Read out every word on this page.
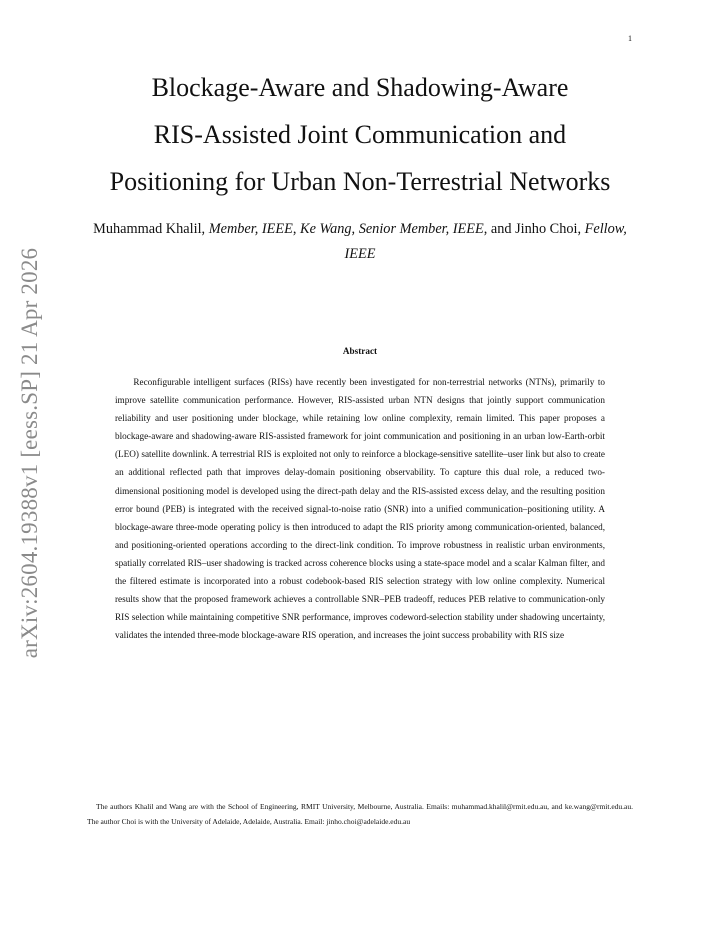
1
arXiv:2604.19388v1 [eess.SP] 21 Apr 2026
Blockage-Aware and Shadowing-Aware
RIS-Assisted Joint Communication and
Positioning for Urban Non-Terrestrial Networks
Muhammad Khalil, Member, IEEE, Ke Wang, Senior Member, IEEE, and Jinho Choi, Fellow, IEEE
Abstract

Reconfigurable intelligent surfaces (RISs) have recently been investigated for non-terrestrial networks (NTNs), primarily to improve satellite communication performance. However, RIS-assisted urban NTN designs that jointly support communication reliability and user positioning under blockage, while retaining low online complexity, remain limited. This paper proposes a blockage-aware and shadowing-aware RIS-assisted framework for joint communication and positioning in an urban low-Earth-orbit (LEO) satellite downlink. A terrestrial RIS is exploited not only to reinforce a blockage-sensitive satellite–user link but also to create an additional reflected path that improves delay-domain positioning observability. To capture this dual role, a reduced two-dimensional positioning model is developed using the direct-path delay and the RIS-assisted excess delay, and the resulting position error bound (PEB) is integrated with the received signal-to-noise ratio (SNR) into a unified communication–positioning utility. A blockage-aware three-mode operating policy is then introduced to adapt the RIS priority among communication-oriented, balanced, and positioning-oriented operations according to the direct-link condition. To improve robustness in realistic urban environments, spatially correlated RIS–user shadowing is tracked across coherence blocks using a state-space model and a scalar Kalman filter, and the filtered estimate is incorporated into a robust codebook-based RIS selection strategy with low online complexity. Numerical results show that the proposed framework achieves a controllable SNR–PEB tradeoff, reduces PEB relative to communication-only RIS selection while maintaining competitive SNR performance, improves codeword-selection stability under shadowing uncertainty, validates the intended three-mode blockage-aware RIS operation, and increases the joint success probability with RIS size

The authors Khalil and Wang are with the School of Engineering, RMIT University, Melbourne, Australia. Emails: muhammad.khalil@rmit.edu.au, and ke.wang@rmit.edu.au. The author Choi is with the University of Adelaide, Adelaide, Australia. Email: jinho.choi@adelaide.edu.au
